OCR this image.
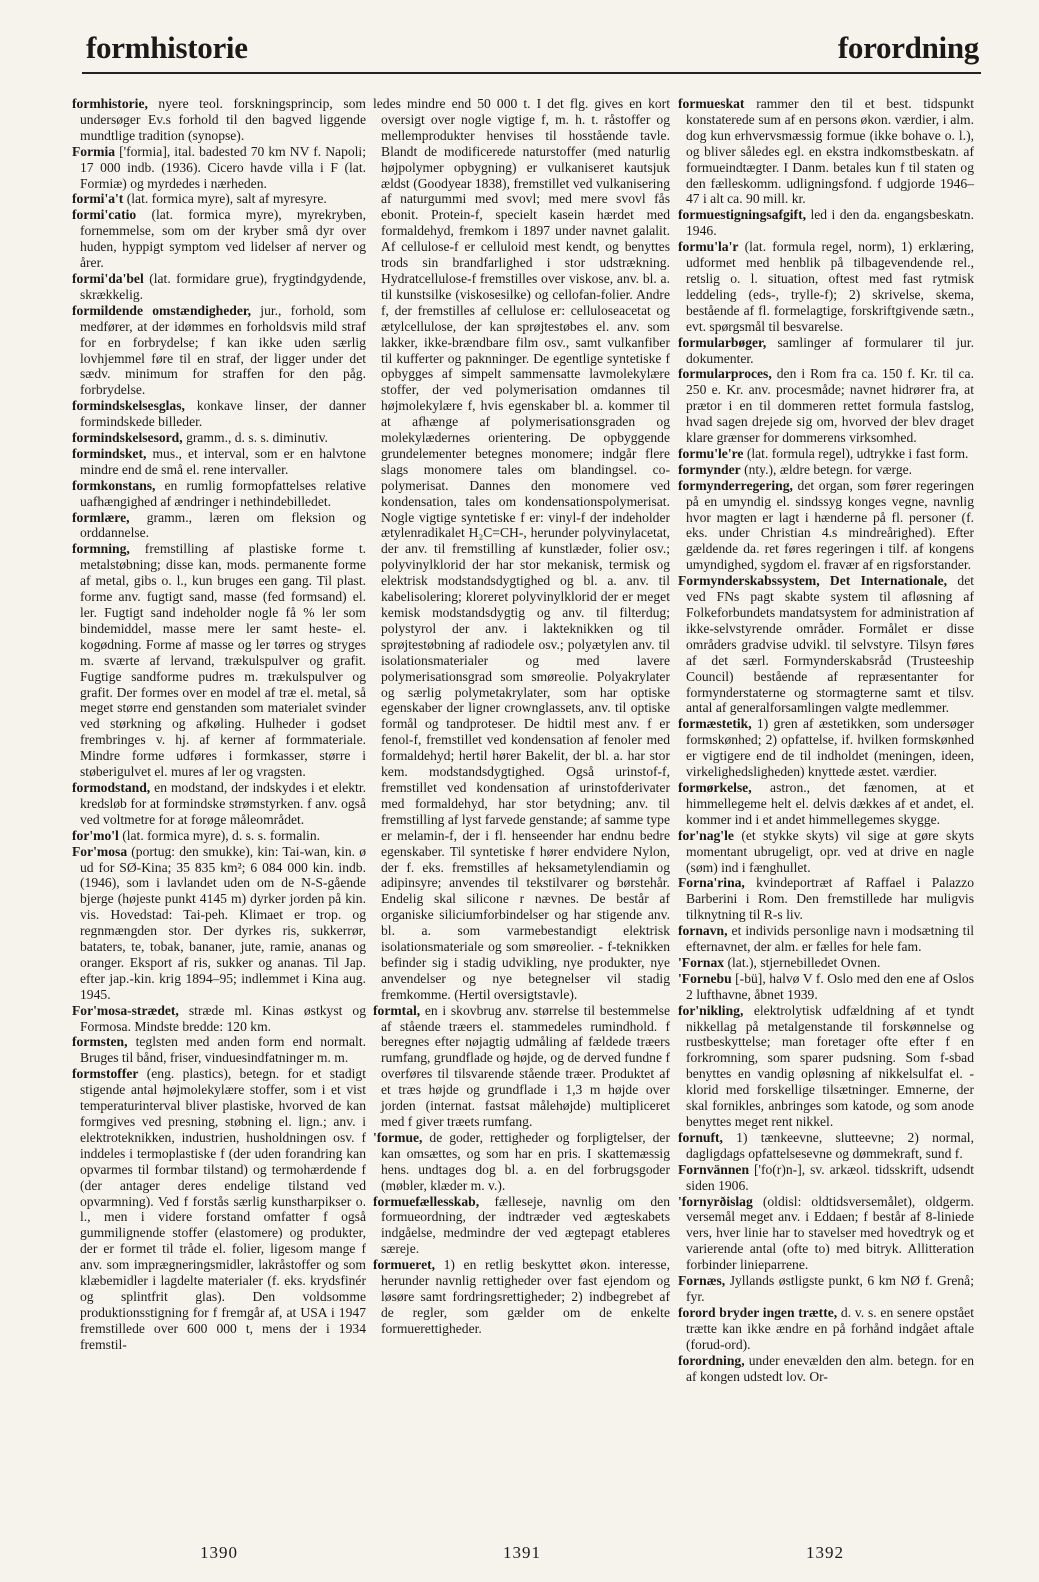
formhistorie	forordning

formhistorie, nyere teol. forskningsprincip, som undersøger Ev.s forhold til den bagved liggende mundtlige tradition (synopse).

Formia ['formia], ital. badested 70 km NV f. Napoli; 17 000 indb. (1936). Cicero havde villa i F (lat. Formiæ) og myrdedes i nærheden.

formi'a't (lat. formica myre), salt af myresyre.

formi'catio (lat. formica myre), myrekryben, fornemmelse, som om der kryber små dyr over huden, hyppigt symptom ved lidelser af nerver og årer.

formi'da'bel (lat. formidare grue), frygtindgydende, skrækkelig.

formildende omstændigheder, jur., forhold, som medfører, at der idømmes en forholdsvis mild straf for en forbrydelse; f kan ikke uden særlig lovhjemmel føre til en straf, der ligger under det sædv. minimum for straffen for den påg. forbrydelse.

formindskelsesglas, konkave linser, der danner formindskede billeder.

formindskelsesord, gramm., d. s. s. diminutiv.

formindsket, mus., et interval, som er en halvtone mindre end de små el. rene intervaller.

formkonstans, en rumlig formopfattelses relative uafhængighed af ændringer i nethindebilledet.

formlære, gramm., læren om fleksion og orddannelse.

formning, fremstilling af plastiske forme t. metalstøbning; disse kan, mods. permanente forme af metal, gibs o. l., kun bruges een gang. Til plast. forme anv. fugtigt sand, masse (fed formsand) el. ler. Fugtigt sand indeholder nogle få % ler som bindemiddel, masse mere ler samt heste- el. kogødning. Forme af masse og ler tørres og stryges m. sværte af lervand, trækulspulver og grafit. Fugtige sandforme pudres m. trækulspulver og grafit. Der formes over en model af træ el. metal, så meget større end genstanden som materialet svinder ved størkning og afkøling. Hulheder i godset frembringes v. hj. af kerner af formmateriale. Mindre forme udføres i formkasser, større i støberigulvet el. mures af ler og vragsten.

formodstand, en modstand, der indskydes i et elektr. kredsløb for at formindske strømstyrken. f anv. også ved voltmetre for at forøge måleområdet.

for'mo'l (lat. formica myre), d. s. s. formalin.

For'mosa (portug: den smukke), kin: Tai-wan, kin. ø ud for SØ-Kina; 35 835 km²; 6 084 000 kin. indb. (1946), som i lavlandet uden om de N-S-gående bjerge (højeste punkt 4145 m) dyrker jorden på kin. vis. Hovedstad: Tai-peh. Klimaet er trop. og regnmængden stor. Der dyrkes ris, sukkerrør, bataters, te, tobak, bananer, jute, ramie, ananas og oranger. Eksport af ris, sukker og ananas. Til Jap. efter jap.-kin. krig 1894–95; indlemmet i Kina aug. 1945.

For'mosa-strædet, stræde ml. Kinas østkyst og Formosa. Mindste bredde: 120 km.

formsten, teglsten med anden form end normalt. Bruges til bånd, friser, vinduesindfatninger m. m.

formstoffer (eng. plastics), betegn. for et stadigt stigende antal højmolekylære stoffer, som i et vist temperaturinterval bliver plastiske, hvorved de kan formgives ved presning, støbning el. lign.; anv. i elektroteknikken, industrien, husholdningen osv. f inddeles i termoplastiske f (der uden forandring kan opvarmes til formbar tilstand) og termohærdende f (der antager deres endelige tilstand ved opvarmning). Ved f forstås særlig kunstharpikser o. l., men i videre forstand omfatter f også gummilignende stoffer (elastomere) og produkter, der er formet til tråde el. folier, ligesom mange f anv. som imprægneringsmidler, lakråstoffer og som klæbemidler i lagdelte materialer (f. eks. krydsfinér og splintfrit glas). Den voldsomme produktionsstigning for f fremgår af, at USA i 1947 fremstillede over 600 000 t, mens der i 1934 fremstil-

ledes mindre end 50 000 t. I det flg. gives en kort oversigt over nogle vigtige f, m. h. t. råstoffer og mellemprodukter henvises til hosstående tavle. Blandt de modificerede naturstoffer (med naturlig højpolymer opbygning) er vulkaniseret kautsjuk ældst (Goodyear 1838), fremstillet ved vulkanisering af naturgummi med svovl; med mere svovl fås ebonit. Protein-f, specielt kasein hærdet med formaldehyd, fremkom i 1897 under navnet galalit. Af cellulose-f er celluloid mest kendt, og benyttes trods sin brandfarlighed i stor udstrækning. Hydratcellulose-f fremstilles over viskose, anv. bl. a. til kunstsilke (viskosesilke) og cellofan-folier. Andre f, der fremstilles af cellulose er: celluloseacetat og ætylcellulose, der kan sprøjtestøbes el. anv. som lakker, ikke-brændbare film osv., samt vulkanfiber til kufferter og paknninger. De egentlige syntetiske f opbygges af simpelt sammensatte lavmolekylære stoffer, der ved polymerisation omdannes til højmolekylære f, hvis egenskaber bl. a. kommer til at afhænge af polymerisationsgraden og molekylædernes orientering. De opbyggende grundelementer betegnes monomere; indgår flere slags monomere tales om blandingsel. co-polymerisat. Dannes den monomere ved kondensation, tales om kondensationspolymerisat. Nogle vigtige syntetiske f er: vinyl-f der indeholder ætylenradikalet H₂C=CH-, herunder polyvinylacetat, der anv. til fremstilling af kunstlæder, folier osv.; polyvinylklorid der har stor mekanisk, termisk og elektrisk modstandsdygtighed og bl. a. anv. til kabelisolering; kloreret polyvinylklorid der er meget kemisk modstandsdygtig og anv. til filterdug; polystyrol der anv. i lakteknikken og til sprøjtestøbning af radiodele osv.; polyætylen anv. til isolationsmaterialer og med lavere polymerisationsgrad som smøreolie. Polyakrylater og særlig polymetakrylater, som har optiske egenskaber der ligner crownglassets, anv. til optiske formål og tandproteser. De hidtil mest anv. f er fenol-f, fremstillet ved kondensation af fenoler med formaldehyd; hertil hører Bakelit, der bl. a. har stor kem. modstandsdygtighed. Også urinstof-f, fremstillet ved kondensation af urinstofderivater med formaldehyd, har stor betydning; anv. til fremstilling af lyst farvede genstande; af samme type er melamin-f, der i fl. henseender har endnu bedre egenskaber. Til syntetiske f hører endvidere Nylon, der f. eks. fremstilles af heksametylendiamin og adipinsyre; anvendes til tekstilvarer og børstehår. Endelig skal silicone r nævnes. De består af organiske siliciumforbindelser og har stigende anv. bl. a. som varmebestandigt elektrisk isolationsmateriale og som smøreolier. - f-teknikken befinder sig i stadig udvikling, nye produkter, nye anvendelser og nye betegnelser vil stadig fremkomme. (Hertil oversigtstavle).

formtal, en i skovbrug anv. størrelse til bestemmelse af stående træers el. stammedeles rumindhold. f beregnes efter nøjagtig udmåling af fældede træers rumfang, grundflade og højde, og de derved fundne f overføres til tilsvarende stående træer. Produktet af et træs højde og grundflade i 1,3 m højde over jorden (internat. fastsat målehøjde) multipliceret med f giver træets rumfang.

'formue, de goder, rettigheder og forpligtelser, der kan omsættes, og som har en pris. I skattemæssig hens. undtages dog bl. a. en del forbrugsgoder (møbler, klæder m. v.).

formuefællesskab, fælleseje, navnlig om den formueordning, der indtræder ved ægteskabets indgåelse, medmindre der ved ægtepagt etableres særeje.

formueret, 1) en retlig beskyttet økon. interesse, herunder navnlig rettigheder over fast ejendom og løsøre samt fordringsrettigheder; 2) indbegrebet af de regler, som gælder om de enkelte formuerettigheder.

formueskat rammer den til et best. tidspunkt konstaterede sum af en persons økon. værdier, i alm. dog kun erhvervsmæssig formue (ikke bohave o. l.), og bliver således egl. en ekstra indkomstbeskatn. af formueindtægter. I Danm. betales kun f til staten og den fælleskomm. udligningsfond. f udgjorde 1946–47 i alt ca. 90 mill. kr.

formuestigningsafgift, led i den da. engangsbeskatn. 1946.

formu'la'r (lat. formula regel, norm), 1) erklæring, udformet med henblik på tilbagevendende rel., retslig o. l. situation, oftest med fast rytmisk leddeling (eds-, trylle-f); 2) skrivelse, skema, bestående af fl. formelagtige, forskriftgivende sætn., evt. spørgsmål til besvarelse.

formularbøger, samlinger af formularer til jur. dokumenter.

formularproces, den i Rom fra ca. 150 f. Kr. til ca. 250 e. Kr. anv. procesmåde; navnet hidrører fra, at prætor i en til dommeren rettet formula fastslog, hvad sagen drejede sig om, hvorved der blev draget klare grænser for dommerens virksomhed.

formu'le're (lat. formula regel), udtrykke i fast form.

formynder (nty.), ældre betegn. for værge.

formynderregering, det organ, som fører regeringen på en umyndig el. sindssyg konges vegne, navnlig hvor magten er lagt i hænderne på fl. personer (f. eks. under Christian 4.s mindreårighed). Efter gældende da. ret føres regeringen i tilf. af kongens umyndighed, sygdom el. fravær af en rigsforstander.

Formynderskabssystem, Det Internationale, det ved FNs pagt skabte system til afløsning af Folkeforbundets mandatsystem for administration af ikke-selvstyrende områder. Formålet er disse områders gradvise udvikl. til selvstyre. Tilsyn føres af det særl. Formynderskabsråd (Trusteeship Council) bestående af repræsentanter for formynderstaterne og stormagterne samt et tilsv. antal af generalforsamlingen valgte medlemmer.

formæstetik, 1) gren af æstetikken, som undersøger formskønhed; 2) opfattelse, if. hvilken formskønhed er vigtigere end de til indholdet (meningen, ideen, virkelighedsligheden) knyttede æstet. værdier.

formørkelse, astron., det fænomen, at et himmellegeme helt el. delvis dækkes af et andet, el. kommer ind i et andet himmellegemes skygge.

for'nag'le (et stykke skyts) vil sige at gøre skyts momentant ubrugeligt, opr. ved at drive en nagle (søm) ind i fænghullet.

Forna'rina, kvindeportræt af Raffael i Palazzo Barberini i Rom. Den fremstillede har muligvis tilknytning til R-s liv.

fornavn, et individs personlige navn i modsætning til efternavnet, der alm. er fælles for hele fam.

'Fornax (lat.), stjernebilledet Ovnen.

'Fornebu [-bü], halvø V f. Oslo med den ene af Oslos 2 lufthavne, åbnet 1939.

for'nikling, elektrolytisk udfældning af et tyndt nikkellag på metalgenstande til forskønnelse og rustbeskyttelse; man foretager ofte efter f en forkromning, som sparer pudsning. Som f-sbad benyttes en vandig opløsning af nikkelsulfat el. -klorid med forskellige tilsætninger. Emnerne, der skal fornikles, anbringes som katode, og som anode benyttes meget rent nikkel.

fornuft, 1) tænkeevne, slutteevne; 2) normal, dagligdags opfattelsesevne og dømmekraft, sund f.

Fornvännen ['fo(r)n-], sv. arkæol. tidsskrift, udsendt siden 1906.

'fornyrðislag (oldisl: oldtidsversemålet), oldgerm. versemål meget anv. i Eddaen; f består af 8-liniede vers, hver linie har to stavelser med hovedtryk og et varierende antal (ofte to) med bitryk. Allitteration forbinder linieparrene.

Fornæs, Jyllands østligste punkt, 6 km NØ f. Grenå; fyr.

forord bryder ingen trætte, d. v. s. en senere opstået trætte kan ikke ændre en på forhånd indgået aftale (forud-ord).

forordning, under enevælden den alm. betegn. for en af kongen udstedt lov. Or-

1390	1391	1392
